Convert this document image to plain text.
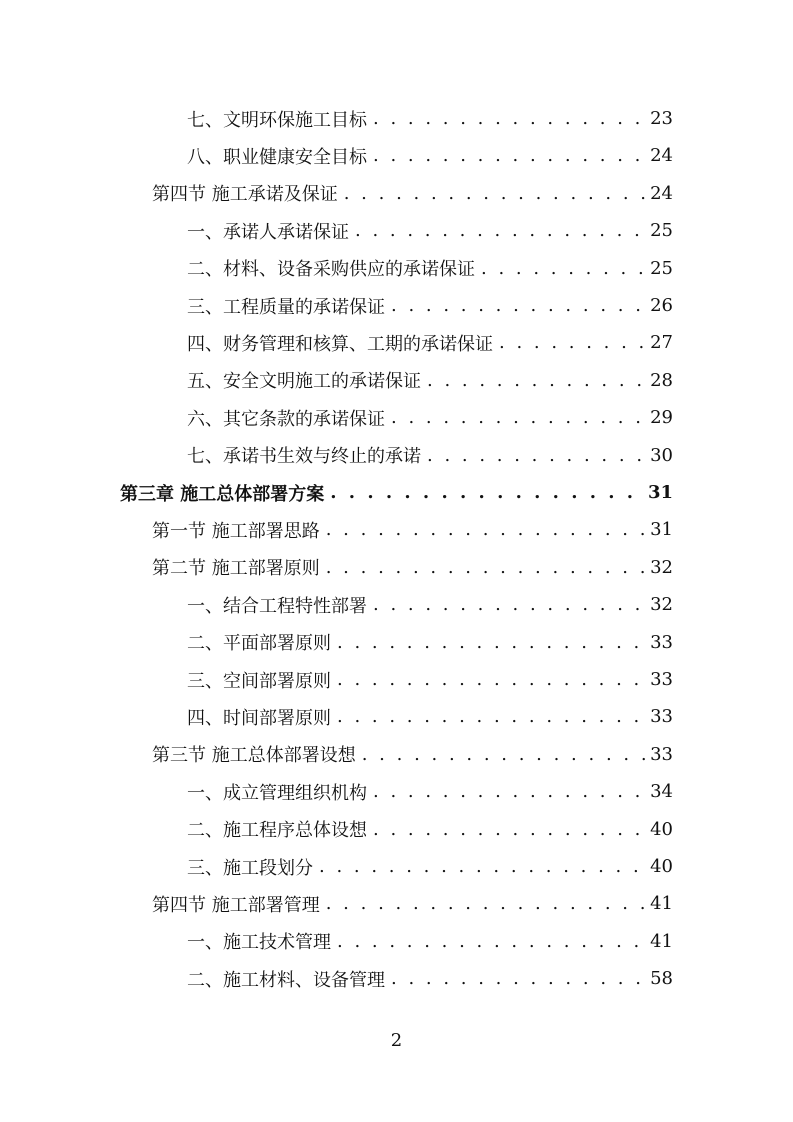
七、文明环保施工目标 . . .	23
八、职业健康安全目标 . . .	24
第四节 施工承诺及保证 . . .	24
一、承诺人承诺保证 . . .	25
二、材料、设备采购供应的承诺保证 . . .	25
三、工程质量的承诺保证 . . .	26
四、财务管理和核算、工期的承诺保证 . . .	27
五、安全文明施工的承诺保证 . . .	28
六、其它条款的承诺保证 . . .	29
七、承诺书生效与终止的承诺 . . .	30
第三章 施工总体部署方案 . . .	31
第一节 施工部署思路 . . .	31
第二节 施工部署原则 . . .	32
一、结合工程特性部署 . . .	32
二、平面部署原则 . . .	33
三、空间部署原则 . . .	33
四、时间部署原则 . . .	33
第三节 施工总体部署设想 . . .	33
一、成立管理组织机构 . . .	34
二、施工程序总体设想 . . .	40
三、施工段划分 . . .	40
第四节 施工部署管理 . . .	41
一、施工技术管理 . . .	41
二、施工材料、设备管理 . . .	58
2
